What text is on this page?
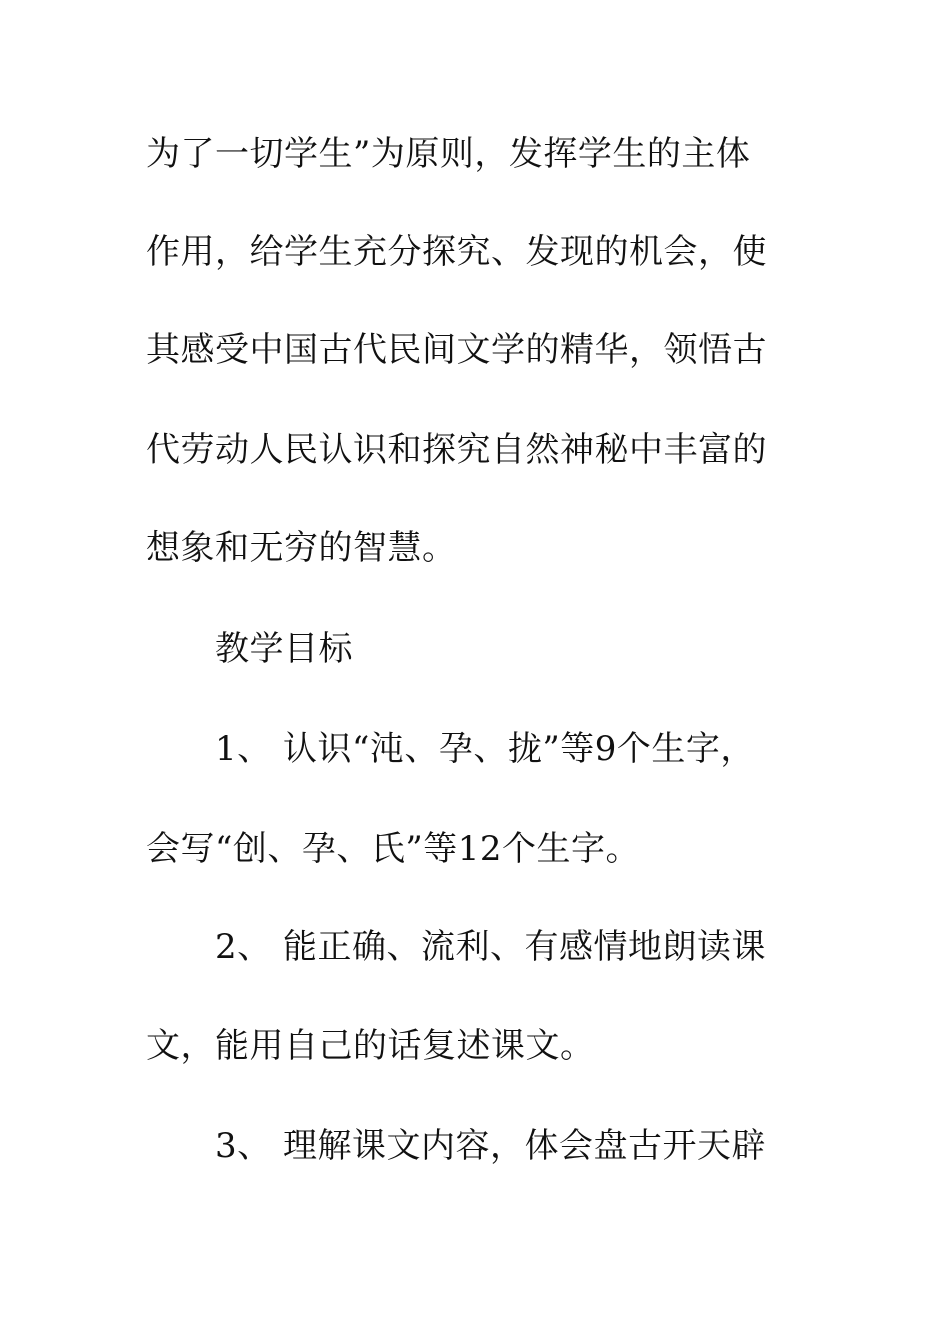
为了一切学生”为原则，发挥学生的主体
作用，给学生充分探究、发现的机会，使
其感受中国古代民间文学的精华，领悟古
代劳动人民认识和探究自然神秘中丰富的
想象和无穷的智慧。
教学目标
1、 认识“沌、孕、拢”等9个生字，
会写“创、孕、氏”等12个生字。
2、 能正确、流利、有感情地朗读课
文，能用自己的话复述课文。
3、 理解课文内容，体会盘古开天辟
